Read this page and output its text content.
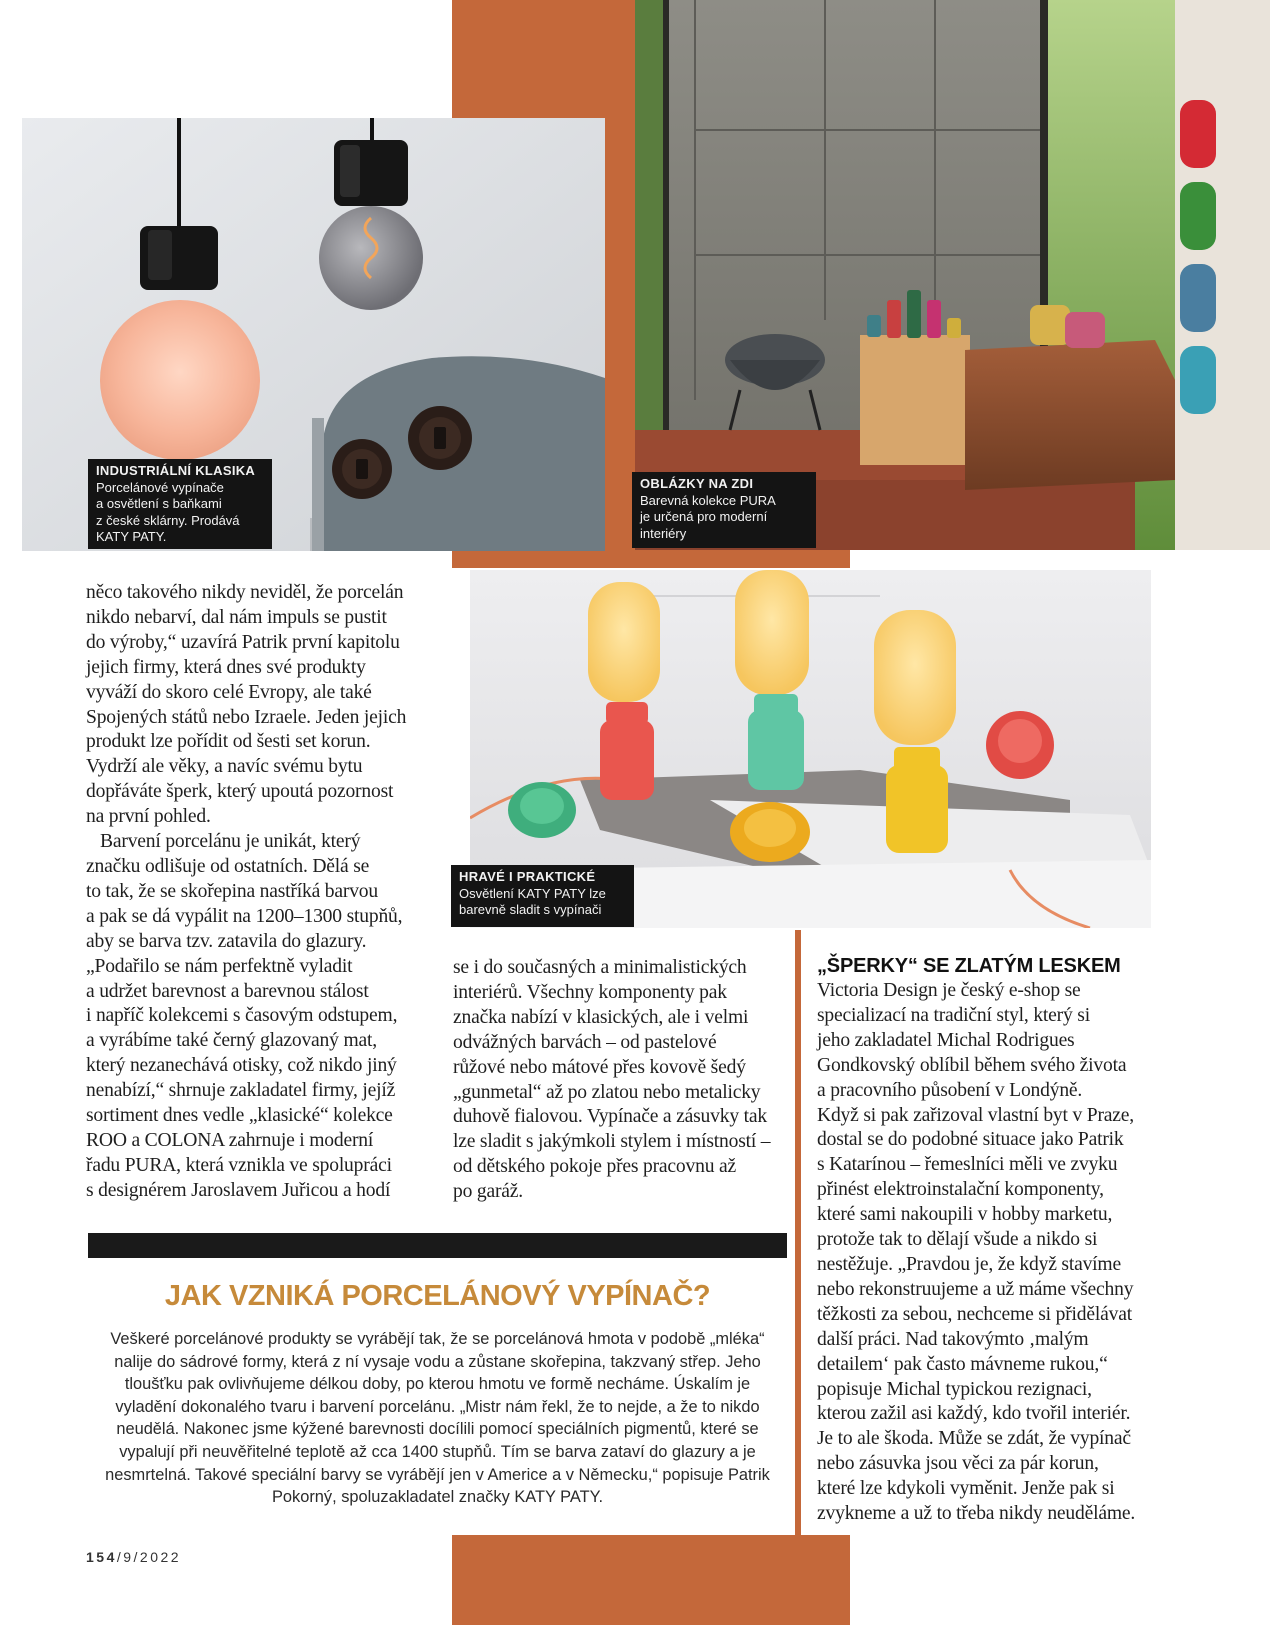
INDUSTRIÁLNÍ KLASIKA
Porcelánové vypínače
a osvětlení s baňkami
z české sklárny. Prodává
KATY PATY.
OBLÁZKY NA ZDI
Barevná kolekce PURA
je určená pro moderní
interiéry
HRAVÉ I PRAKTICKÉ
Osvětlení KATY PATY lze
barevně sladit s vypínači

něco takového nikdy neviděl, že porcelán
nikdo nebarví, dal nám impuls se pustit
do výroby,“ uzavírá Patrik první kapitolu
jejich firmy, která dnes své produkty
vyváží do skoro celé Evropy, ale také
Spojených států nebo Izraele. Jeden jejich
produkt lze pořídit od šesti set korun.
Vydrží ale věky, a navíc svému bytu
dopřáváte šperk, který upoutá pozornost
na první pohled.

Barvení porcelánu je unikát, který
značku odlišuje od ostatních. Dělá se
to tak, že se skořepina nastříká barvou
a pak se dá vypálit na 1200–1300 stupňů,
aby se barva tzv. zatavila do glazury.
„Podařilo se nám perfektně vyladit
a udržet barevnost a barevnou stálost
i napříč kolekcemi s časovým odstupem,
a vyrábíme také černý glazovaný mat,
který nezanechává otisky, což nikdo jiný
nenabízí,“ shrnuje zakladatel firmy, jejíž
sortiment dnes vedle „klasické“ kolekce
ROO a COLONA zahrnuje i moderní
řadu PURA, která vznikla ve spolupráci
s designérem Jaroslavem Juřicou a hodí

se i do současných a minimalistických
interiérů. Všechny komponenty pak
značka nabízí v klasických, ale i velmi
odvážných barvách – od pastelové
růžové nebo mátové přes kovově šedý
„gunmetal“ až po zlatou nebo metalicky
duhově fialovou. Vypínače a zásuvky tak
lze sladit s jakýmkoli stylem i místností –
od dětského pokoje přes pracovnu až
po garáž.

„ŠPERKY“ SE ZLATÝM LESKEM

Victoria Design je český e-shop se
specializací na tradiční styl, který si
jeho zakladatel Michal Rodrigues
Gondkovský oblíbil během svého života
a pracovního působení v Londýně.
Když si pak zařizoval vlastní byt v Praze,
dostal se do podobné situace jako Patrik
s Katarínou – řemeslníci měli ve zvyku
přinést elektroinstalační komponenty,
které sami nakoupili v hobby marketu,
protože tak to dělají všude a nikdo si
nestěžuje. „Pravdou je, že když stavíme
nebo rekonstruujeme a už máme všechny
těžkosti za sebou, nechceme si přidělávat
další práci. Nad takovýmto ‚malým
detailem‘ pak často mávneme rukou,“
popisuje Michal typickou rezignaci,
kterou zažil asi každý, kdo tvořil interiér.
Je to ale škoda. Může se zdát, že vypínač
nebo zásuvka jsou věci za pár korun,
které lze kdykoli vyměnit. Jenže pak si
zvykneme a už to třeba nikdy neuděláme.

JAK VZNIKÁ PORCELÁNOVÝ VYPÍNAČ?
Veškeré porcelánové produkty se vyrábějí tak, že se porcelánová hmota v podobě „mléka“
nalije do sádrové formy, která z ní vysaje vodu a zůstane skořepina, takzvaný střep. Jeho
tloušťku pak ovlivňujeme délkou doby, po kterou hmotu ve formě necháme. Úskalím je
vyladění dokonalého tvaru i barvení porcelánu. „Mistr nám řekl, že to nejde, a že to nikdo
neudělá. Nakonec jsme kýžené barevnosti docílili pomocí speciálních pigmentů, které se
vypalují při neuvěřitelné teplotě až cca 1400 stupňů. Tím se barva zataví do glazury a je
nesmrtelná. Takové speciální barvy se vyrábějí jen v Americe a v Německu,“ popisuje Patrik
Pokorný, spoluzakladatel značky KATY PATY.
154/9/2022
